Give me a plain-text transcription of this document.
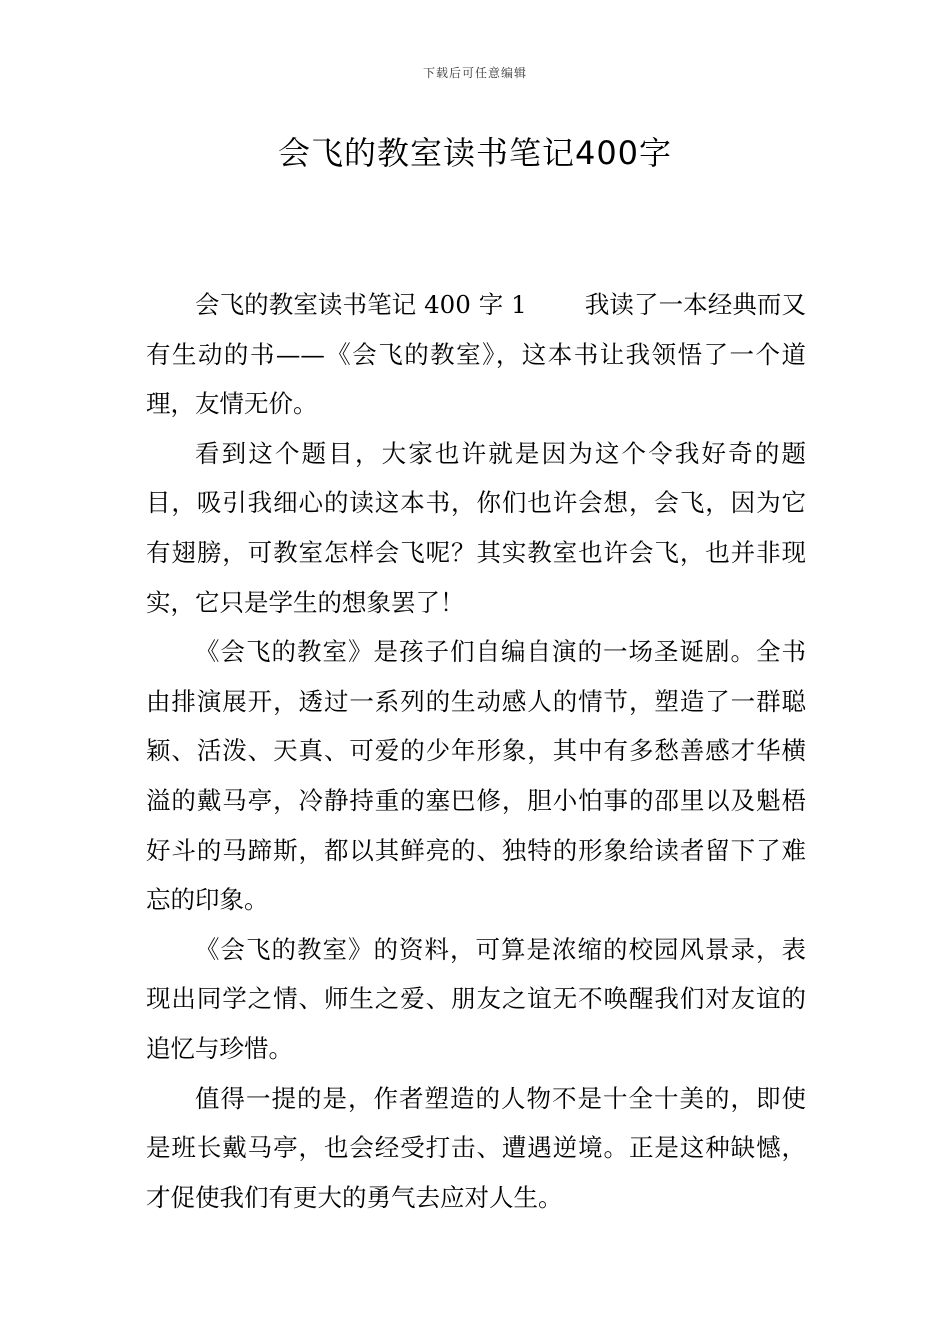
下载后可任意编辑
会飞的教室读书笔记400字

会飞的教室读书笔记 400 字 1 我读了一本经典而又有生动的书——《会飞的教室》，这本书让我领悟了一个道理，友情无价。

看到这个题目，大家也许就是因为这个令我好奇的题目，吸引我细心的读这本书，你们也许会想，会飞，因为它有翅膀，可教室怎样会飞呢？其实教室也许会飞，也并非现实，它只是学生的想象罢了！

《会飞的教室》是孩子们自编自演的一场圣诞剧。全书由排演展开，透过一系列的生动感人的情节，塑造了一群聪颖、活泼、天真、可爱的少年形象，其中有多愁善感才华横溢的戴马亭，冷静持重的塞巴修，胆小怕事的邵里以及魁梧好斗的马蹄斯，都以其鲜亮的、独特的形象给读者留下了难忘的印象。

《会飞的教室》的资料，可算是浓缩的校园风景录，表现出同学之情、师生之爱、朋友之谊无不唤醒我们对友谊的追忆与珍惜。

值得一提的是，作者塑造的人物不是十全十美的，即使是班长戴马亭，也会经受打击、遭遇逆境。正是这种缺憾，才促使我们有更大的勇气去应对人生。
